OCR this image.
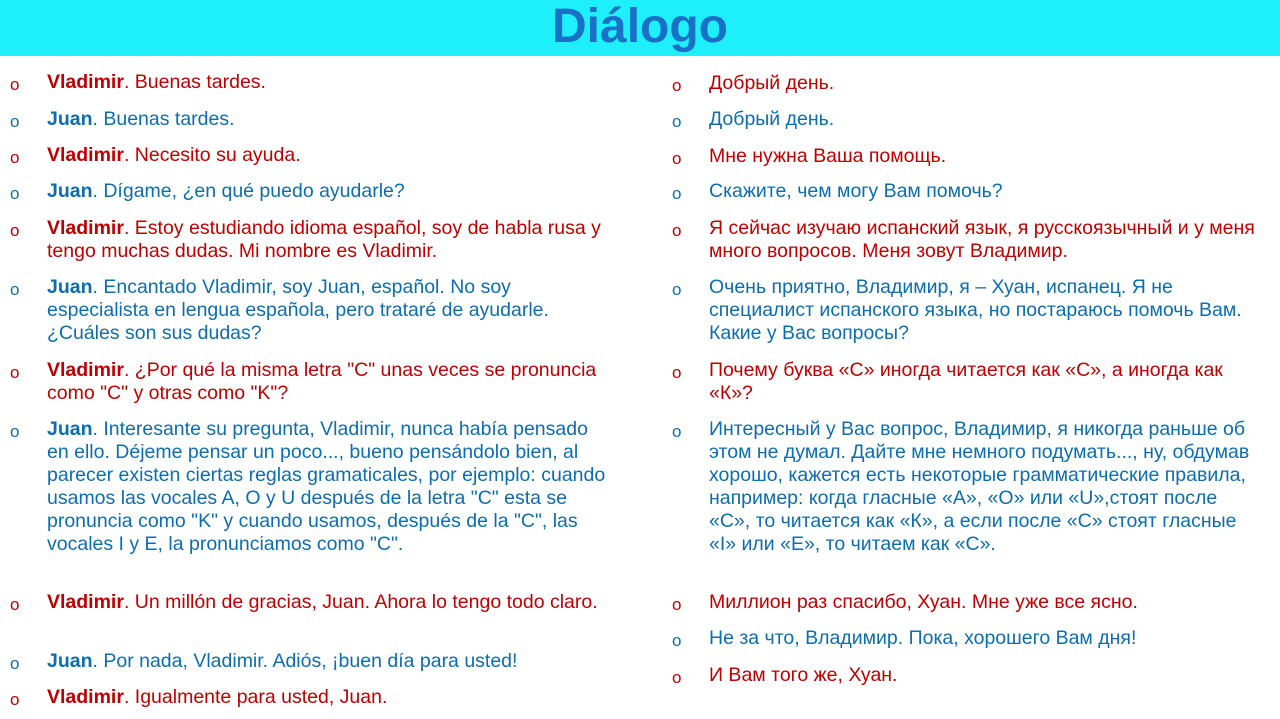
Diálogo
o	Vladimir. Buenas tardes.
o	Juan. Buenas tardes.
o	Vladimir. Necesito su ayuda.
o	Juan. Dígame, ¿en qué puedo ayudarle?
o	Vladimir. Estoy estudiando idioma español, soy de habla rusa y tengo muchas dudas. Mi nombre es Vladimir.
o	Juan. Encantado Vladimir, soy Juan, español. No soy especialista en lengua española, pero trataré de ayudarle. ¿Cuáles son sus dudas?
o	Vladimir. ¿Por qué la misma letra "C" unas veces se pronuncia como "C" y otras como "K"?
o	Juan. Interesante su pregunta, Vladimir, nunca había pensado en ello. Déjeme pensar un poco..., bueno pensándolo bien, al parecer existen ciertas reglas gramaticales, por ejemplo: cuando usamos las vocales A, O y U después de la letra "C" esta se pronuncia como "K" y cuando usamos, después de la "C", las vocales I y E, la pronunciamos como "C".
o	Vladimir. Un millón de gracias, Juan. Ahora lo tengo todo claro.
o	Juan. Por nada, Vladimir. Adiós, ¡buen día para usted!
o	Vladimir. Igualmente para usted, Juan.
o	Добрый день.
o	Добрый день.
o	Мне нужна Ваша помощь.
o	Скажите, чем могу Вам помочь?
o	Я сейчас изучаю испанский язык, я русскоязычный и у меня много вопросов. Меня зовут Владимир.
o	Очень приятно, Владимир, я – Хуан, испанец. Я не специалист испанского языка, но постараюсь помочь Вам. Какие у Вас вопросы?
o	Почему буква «С» иногда читается как «С», а иногда как «К»?
o	Интересный у Вас вопрос, Владимир, я никогда раньше об этом не думал. Дайте мне немного подумать..., ну, обдумав хорошо, кажется есть некоторые грамматические правила, например: когда гласные «А», «О» или «U»,стоят после «С», то читается как «К», а если после «С» стоят гласные «I» или «Е», то читаем как «С».
o	Миллион раз спасибо, Хуан. Мне уже все ясно.
o	Не за что, Владимир. Пока, хорошего Вам дня!
o	И Вам того же, Хуан.
